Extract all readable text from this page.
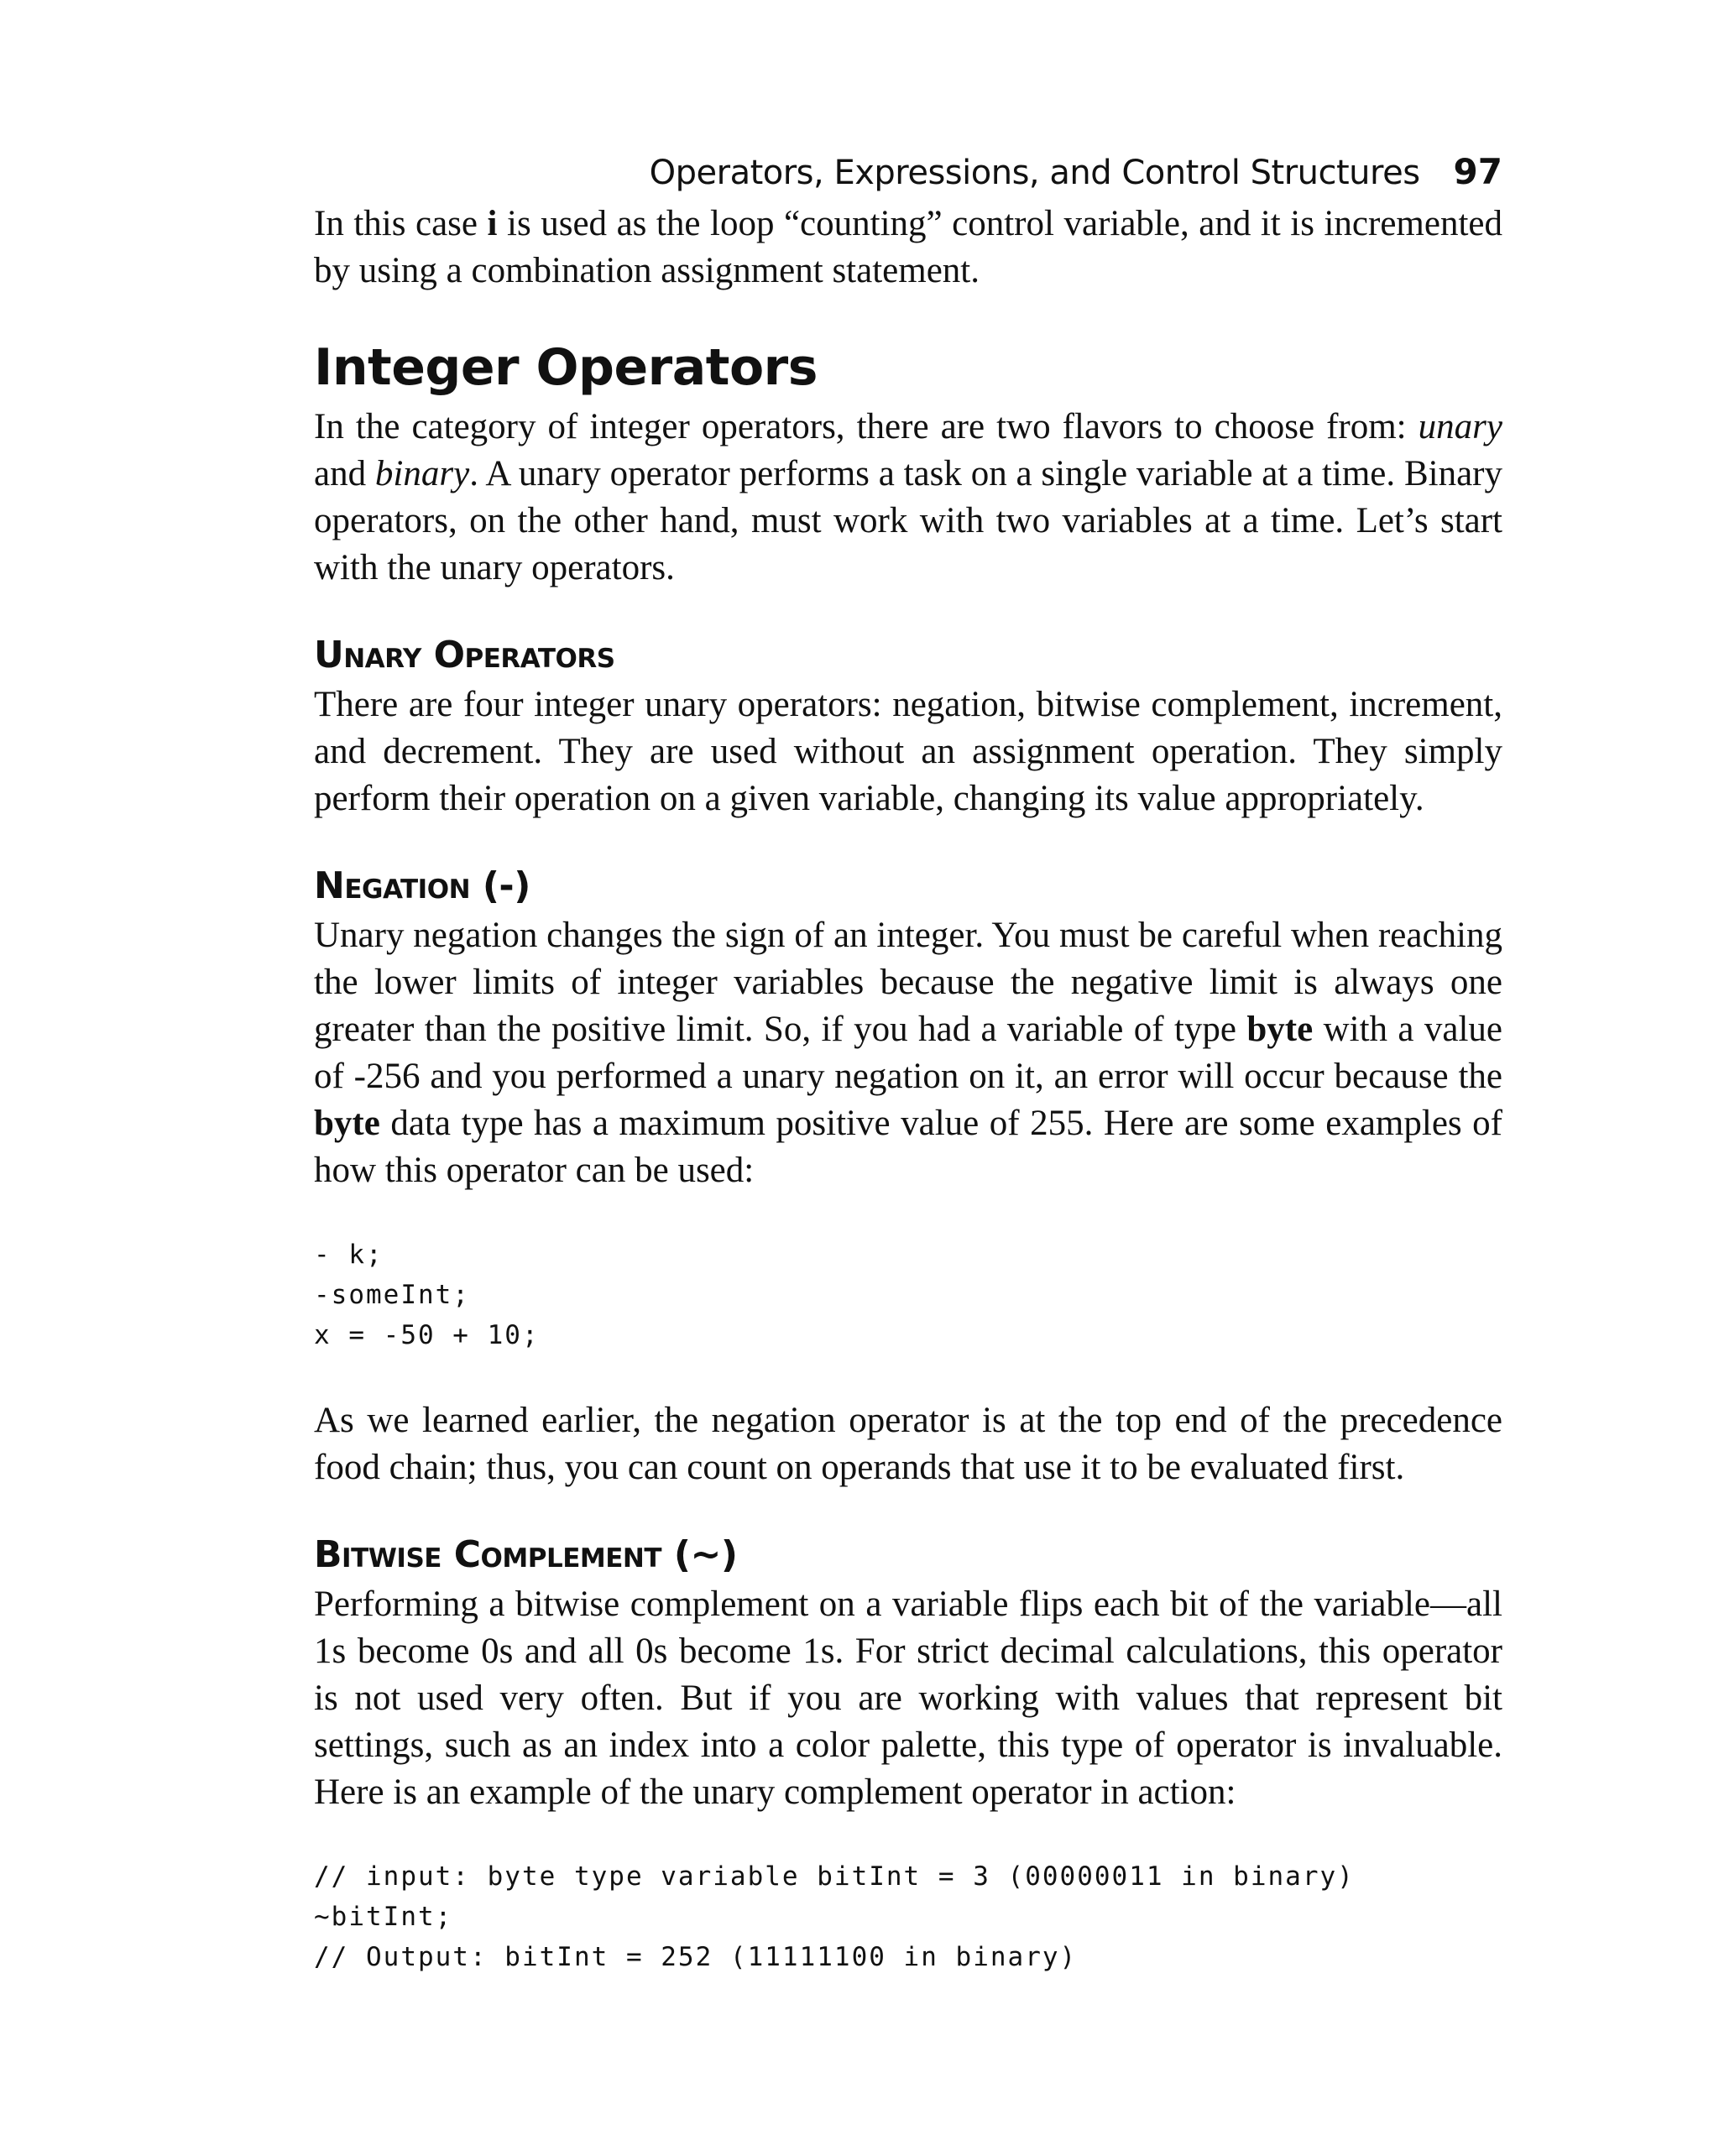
Operators, Expressions, and Control Structures 97

In this case i is used as the loop “counting” control variable, and it is incremented by using a combination assignment statement.

Integer Operators

In the category of integer operators, there are two flavors to choose from: unary and binary. A unary operator performs a task on a single variable at a time. Binary operators, on the other hand, must work with two variables at a time. Let’s start with the unary operators.

Unary Operators

There are four integer unary operators: negation, bitwise complement, increment, and decrement. They are used without an assignment operation. They simply perform their operation on a given variable, changing its value appropriately.

Negation (-)

Unary negation changes the sign of an integer. You must be careful when reaching the lower limits of integer variables because the negative limit is always one greater than the positive limit. So, if you had a variable of type byte with a value of -256 and you performed a unary negation on it, an error will occur because the byte data type has a maximum positive value of 255. Here are some examples of how this operator can be used:

- k;
-someInt;
x = -50 + 10;

As we learned earlier, the negation operator is at the top end of the precedence food chain; thus, you can count on operands that use it to be evaluated first.

Bitwise Complement (~)

Performing a bitwise complement on a variable flips each bit of the variable—all 1s become 0s and all 0s become 1s. For strict decimal calculations, this operator is not used very often. But if you are working with values that represent bit settings, such as an index into a color palette, this type of operator is invaluable. Here is an example of the unary complement operator in action:

// input: byte type variable bitInt = 3 (00000011 in binary)
~bitInt;
// Output: bitInt = 252 (11111100 in binary)
